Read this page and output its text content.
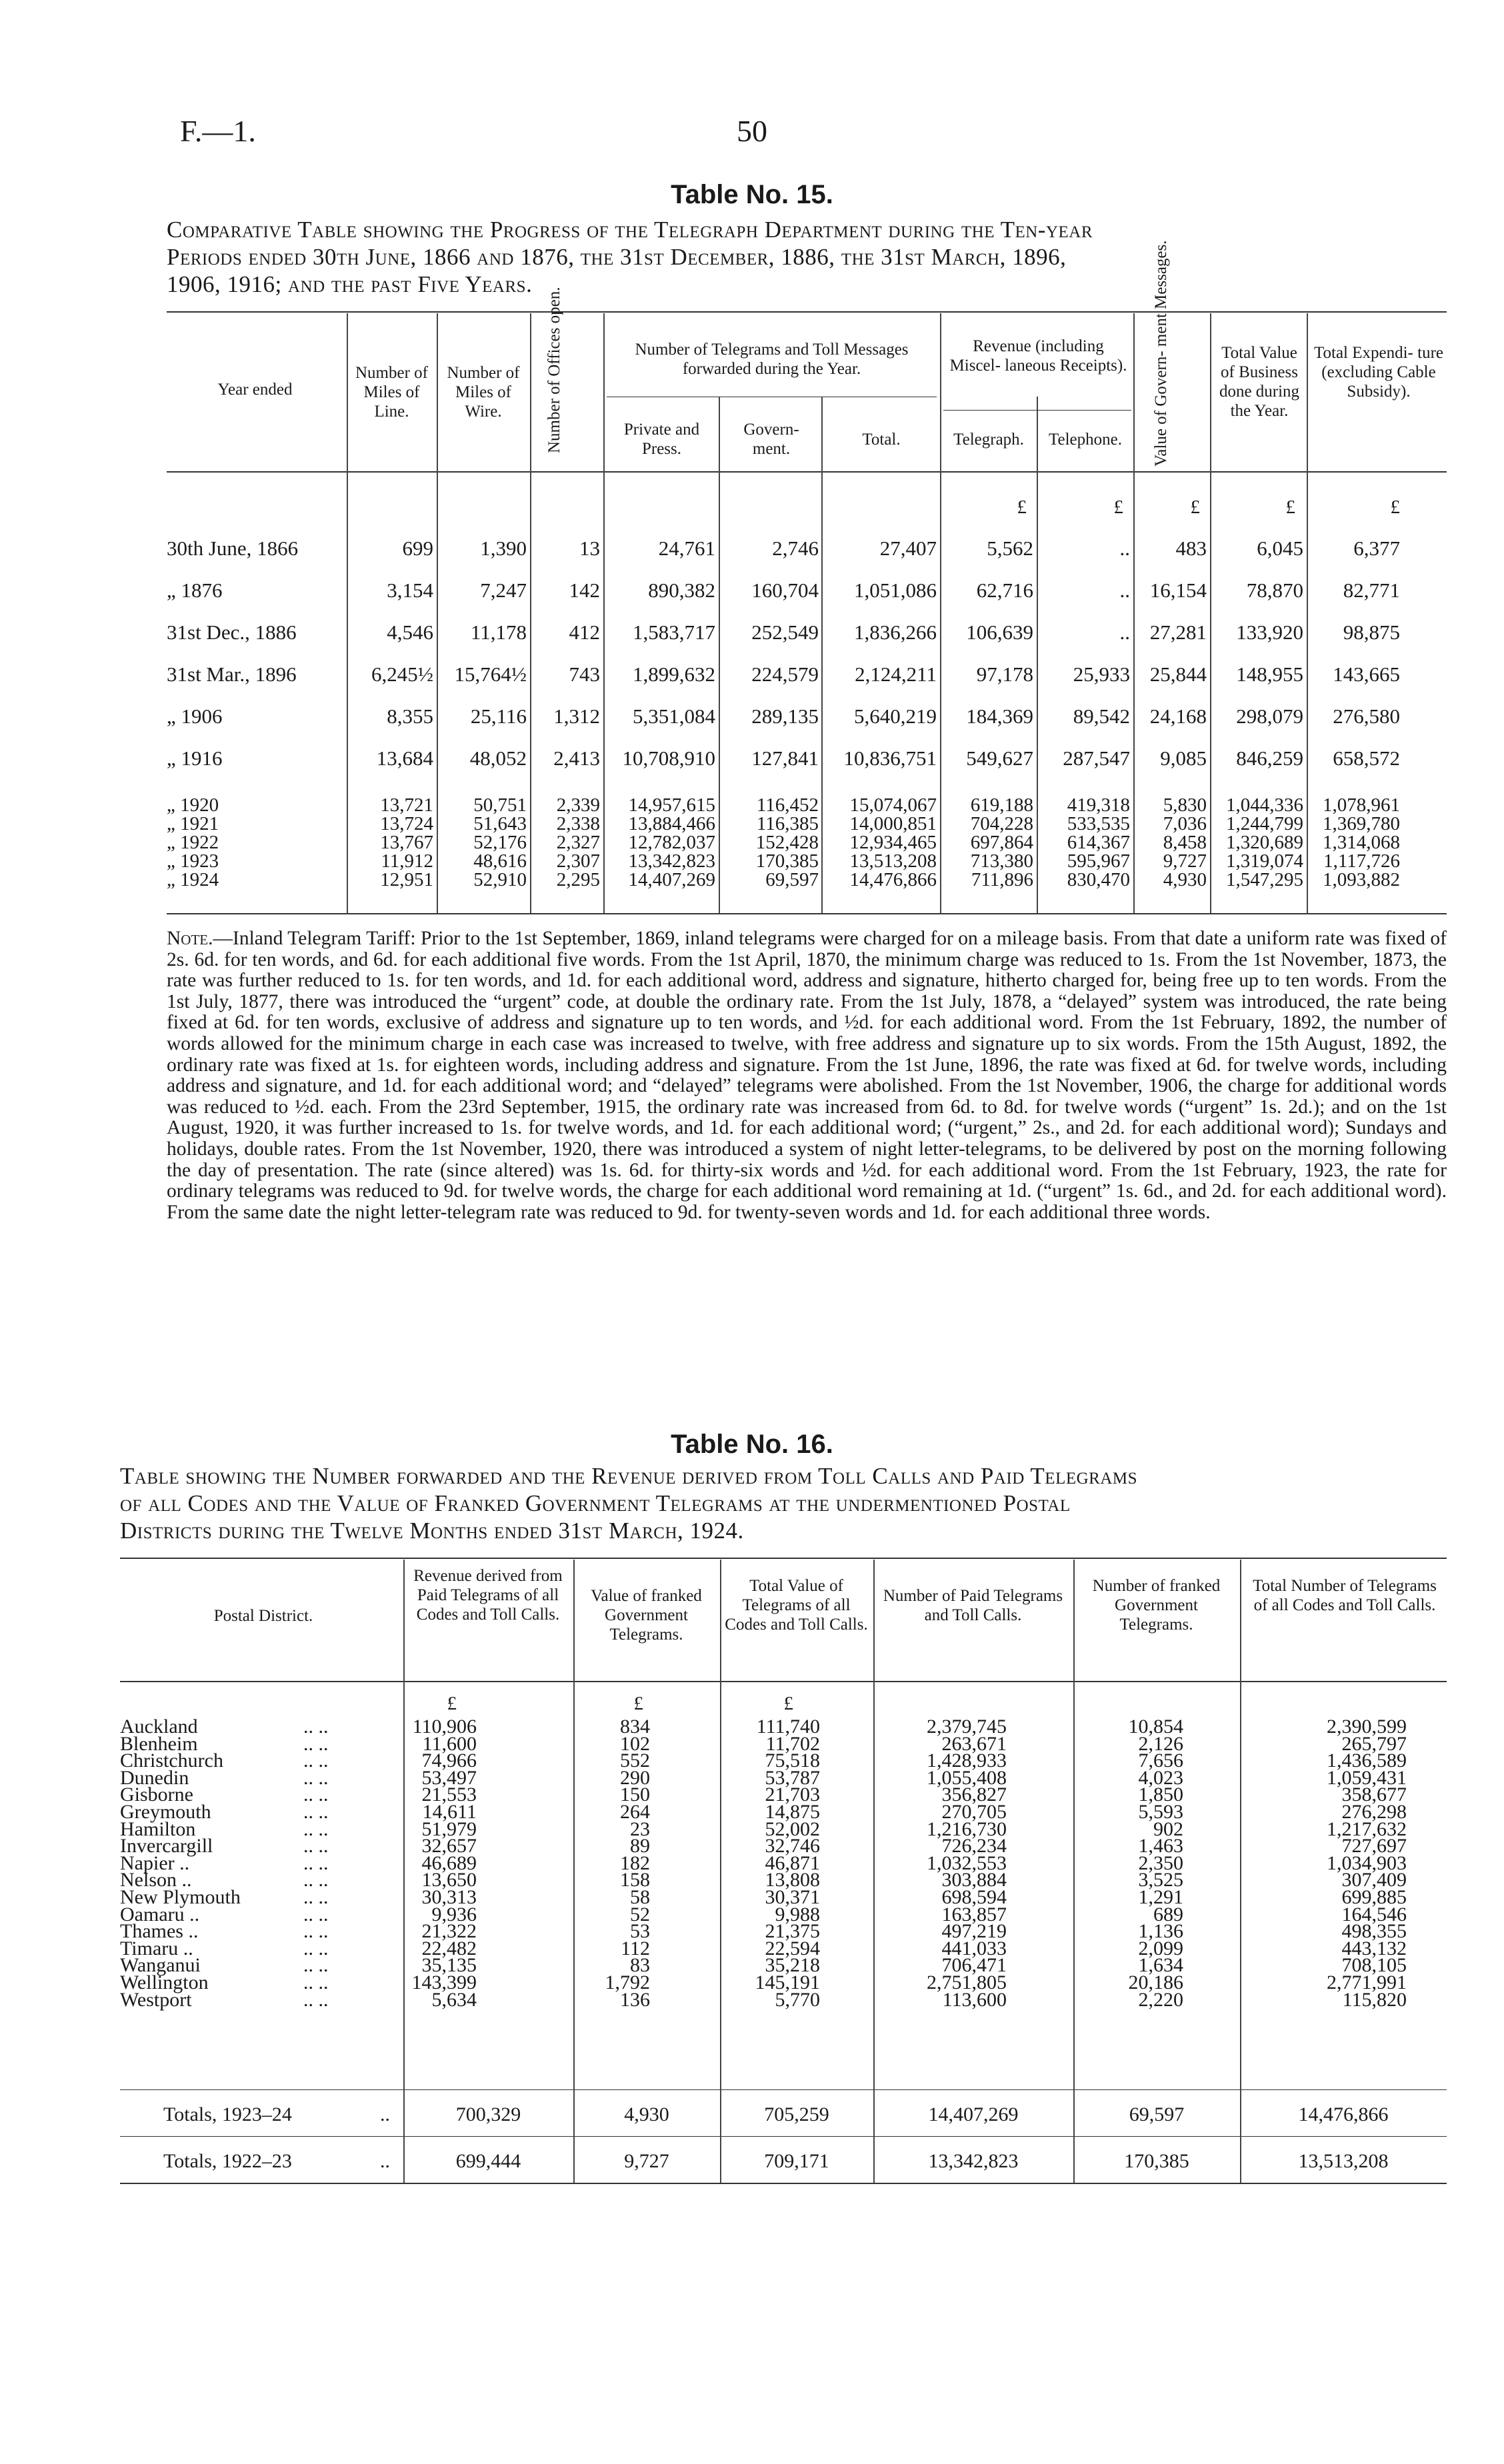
F.—1.	50
Table No. 15.
Comparative Table showing the Progress of the Telegraph Department during the Ten-year
Periods ended 30th June, 1866 and 1876, the 31st December, 1886, the 31st March, 1896,
1906, 1916; and the past Five Years.
Year ended
Number of Miles of Line.
Number of Miles of Wire.	Number of Offices open.	Number of Telegrams and Toll Messages forwarded during the Year.
Private and Press.
Govern- ment.
Total.
Revenue (including Miscel- laneous Receipts).
Telegraph.	Telephone.	Value of Govern- ment Messages.	Total Value of Business done during the Year.
Total Expendi- ture (excluding Cable Subsidy).
£	£	£	£	£
30th June, 1866	699	1,390	13	24,761	2,746	27,407	5,562	..	483	6,045	6,377
„ 1876	3,154	7,247	142	890,382	160,704	1,051,086	62,716	.. 16,154	78,870	82,771
31st Dec., 1886	4,546	11,178	412	1,583,717	252,549	1,836,266	106,639	.. 27,281	133,920	98,875
31st Mar., 1896	6,245½	15,764½	743	1,899,632	224,579	2,124,211	97,178	25,933 25,844	148,955	143,665
„ 1906	8,355	25,116	1,312	5,351,084	289,135	5,640,219	184,369	89,542 24,168	298,079	276,580
„ 1916	13,684	48,052	2,413	10,708,910	127,841	10,836,751	549,627	287,547	9,085	846,259	658,572
„ 1920	13,721	50,751	2,339	14,957,615	116,452	15,074,067	619,188	419,318	5,830	1,044,336	1,078,961
„ 1921	13,724	51,643	2,338	13,884,466	116,385	14,000,851	704,228	533,535	7,036	1,244,799	1,369,780
„ 1922	13,767	52,176	2,327	12,782,037	152,428	12,934,465	697,864	614,367	8,458	1,320,689	1,314,068
„ 1923	11,912	48,616	2,307	13,342,823	170,385	13,513,208	713,380	595,967	9,727	1,319,074	1,117,726
„ 1924	12,951	52,910	2,295	14,407,269	69,597	14,476,866	711,896	830,470	4,930	1,547,295	1,093,882
Note.—Inland Telegram Tariff: Prior to the 1st September, 1869, inland telegrams were charged for on a mileage basis. From that date a uniform rate was fixed of 2s. 6d. for ten words, and 6d. for each additional five words. From the 1st April, 1870, the minimum charge was reduced to 1s. From the 1st November, 1873, the rate was further reduced to 1s. for ten words, and 1d. for each additional word, address and signature, hitherto charged for, being free up to ten words. From the 1st July, 1877, there was introduced the “urgent” code, at double the ordinary rate. From the 1st July, 1878, a “delayed” system was introduced, the rate being fixed at 6d. for ten words, exclusive of address and signature up to ten words, and ½d. for each additional word. From the 1st February, 1892, the number of words allowed for the minimum charge in each case was increased to twelve, with free address and signature up to six words. From the 15th August, 1892, the ordinary rate was fixed at 1s. for eighteen words, including address and signature. From the 1st June, 1896, the rate was fixed at 6d. for twelve words, including address and signature, and 1d. for each additional word; and “delayed” telegrams were abolished. From the 1st November, 1906, the charge for additional words was reduced to ½d. each. From the 23rd September, 1915, the ordinary rate was increased from 6d. to 8d. for twelve words (“urgent” 1s. 2d.); and on the 1st August, 1920, it was further increased to 1s. for twelve words, and 1d. for each additional word; (“urgent,” 2s., and 2d. for each additional word); Sundays and holidays, double rates. From the 1st November, 1920, there was introduced a system of night letter-telegrams, to be delivered by post on the morning following the day of presentation. The rate (since altered) was 1s. 6d. for thirty-six words and ½d. for each additional word. From the 1st February, 1923, the rate for ordinary telegrams was reduced to 9d. for twelve words, the charge for each additional word remaining at 1d. (“urgent” 1s. 6d., and 2d. for each additional word). From the same date the night letter-telegram rate was reduced to 9d. for twenty-seven words and 1d. for each additional three words.
Table No. 16.
Table showing the Number forwarded and the Revenue derived from Toll Calls and Paid Telegrams
of all Codes and the Value of Franked Government Telegrams at the undermentioned Postal
Districts during the Twelve Months ended 31st March, 1924.
Postal District.
Revenue derived from Paid Telegrams of all Codes and Toll Calls.
Value of franked Government Telegrams.
Total Value of Telegrams of all Codes and Toll Calls.
Number of Paid Telegrams and Toll Calls.
Number of franked Government Telegrams.
Total Number of Telegrams of all Codes and Toll Calls.
£	£	£
Auckland	.. ..	110,906	834	111,740	2,379,745	10,854	2,390,599
Blenheim	.. ..	11,600	102	11,702	263,671	2,126	265,797
Christchurch	.. ..	74,966	552	75,518	1,428,933	7,656	1,436,589
Dunedin	.. ..	53,497	290	53,787	1,055,408	4,023	1,059,431
Gisborne	.. ..	21,553	150	21,703	356,827	1,850	358,677
Greymouth	.. ..	14,611	264	14,875	270,705	5,593	276,298
Hamilton	.. ..	51,979	23	52,002	1,216,730	902	1,217,632
Invercargill	.. ..	32,657	89	32,746	726,234	1,463	727,697
Napier ..	.. ..	46,689	182	46,871	1,032,553	2,350	1,034,903
Nelson ..	.. ..	13,650	158	13,808	303,884	3,525	307,409
New Plymouth	.. ..	30,313	58	30,371	698,594	1,291	699,885
Oamaru ..	.. ..	9,936	52	9,988	163,857	689	164,546
Thames ..	.. ..	21,322	53	21,375	497,219	1,136	498,355
Timaru ..	.. ..	22,482	112	22,594	441,033	2,099	443,132
Wanganui	.. ..	35,135	83	35,218	706,471	1,634	708,105
Wellington	.. ..	143,399	1,792	145,191	2,751,805	20,186	2,771,991
Westport	.. ..	5,634	136	5,770	113,600	2,220	115,820
Totals, 1923–24	..	700,329	4,930	705,259	14,407,269	69,597	14,476,866
Totals, 1922–23	..	699,444	9,727	709,171	13,342,823	170,385	13,513,208
